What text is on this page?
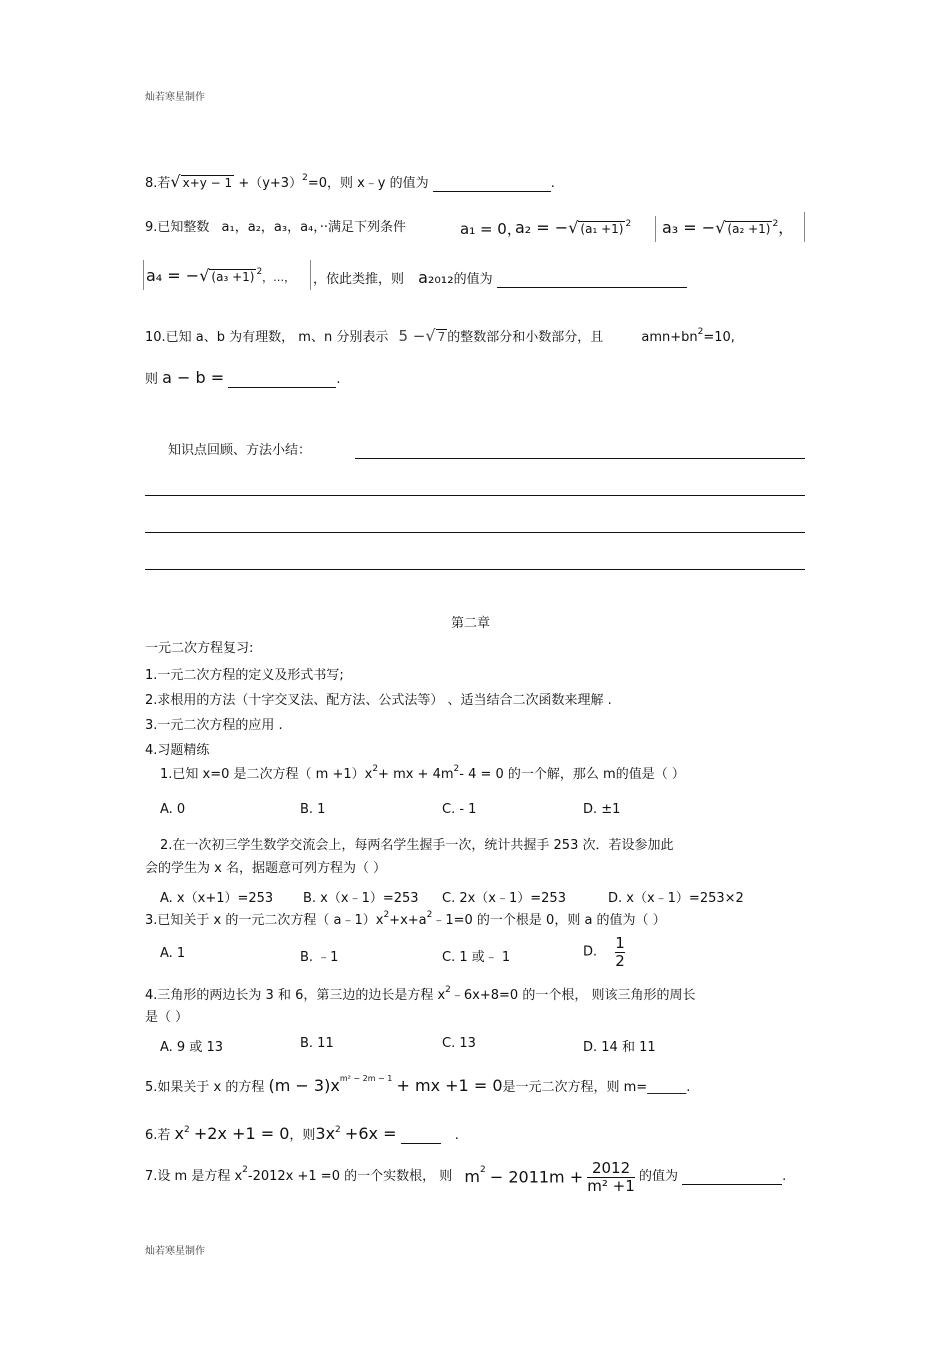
灿若寒星制作
8.若√ $x+y - 1 +(y+3)^2=0$，则 x﹣y 的值为	.
9.已知整数 a₁，a₂，a₃，a₄，··满足下列条件	a₁ = 0，
a₂ = −√ (a₁ +1) $^2$ a₃ = −√ (a₂ +1) $^2$，
a₄ = −√ (a₃ +1) $^2$，…， ，依此类推，则 a₂₀₁₂的值为
10.已知 a、b 为有理数， m、n 分别表示 5 −√ 7 的整数部分和小数部分，且	$amn+bn^2=10$,
则 a − b =	.
知识点回顾、方法小结：
第二章
一元二次方程复习:
1.一元二次方程的定义及形式书写;
2.求根用的方法（十字交叉法、配方法、公式法等） 、适当结合二次函数来理解 .
3.一元二次方程的应用 .
4.习题精练
1.已知 x=0 是二次方程（ $m +1)x^2+$ mx + $4m^2-$ 4 = 0 的一个解，那么 m的值是（ ）
A. 0	B. 1	C. - 1	D. ±1
2.在一次初三学生数学交流会上，每两名学生握手一次，统计共握手 253 次．若设参加此
会的学生为 x 名，据题意可列方程为（ ）
A. x（x+1）=253 B. x（x﹣1）=253 C. 2x（x﹣1）=253	D. x（x﹣1）=253×2
3.已知关于 x 的一元二次方程（ $a﹣1)x^2+x+a^2﹣1=0$ 的一个根是 0，则 a 的值为（ ）
A. 1	B. ﹣1	C. 1 或﹣ 1	D. $\frac{1}{2}$
4.三角形的两边长为 3 和 6，第三边的边长是方程 $x^2﹣6x+8=0$ 的一个根， 则该三角形的周长
是（ ）
A. 9 或 13	B. 11	C. 13	D. 14 和 11
5.如果关于 x 的方程 $(m - 3)x^{m^2 - 2m - 1}$ + mx +1 = 0是一元二次方程，则 m=______.
6.若 $x^2 +2x +1 = 0$，则$3x^2 +6x$ =	.
7.设 m 是方程 $x^2-2012x +1 =0$ 的一个实数根， 则 $m^2 - 2011m + \frac{2012}{\text{m² +1}}$ 的值为	.
灿若寒星制作
